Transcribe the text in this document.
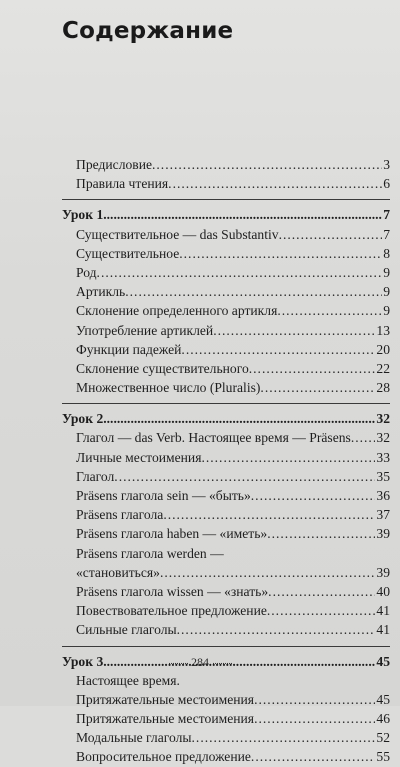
Содержание
Предисловие . . .	3
Правила чтения . . .	6
Урок 1 .....	7
Существительное — das Substantiv . . .	7
Существительное . . .	8
Род . . .	9
Артикль . . .	9
Склонение определенного артикля . . .	9
Употребление артиклей . . .	13
Функции падежей . . .	20
Склонение существительного . . .	22
Множественное число (Pluralis) . . .	28
Урок 2 .....	32
Глагол — das Verb. Настоящее время — Präsens . . . 32
Личные местоимения . . .	33
Глагол . . .	35
Präsens глагола sein — «быть» . . .	36
Präsens глагола . . .	37
Präsens глагола haben — «иметь» . . .	39
Präsens глагола werden —
«становиться» . . .	39
Präsens глагола wissen — «знать» . . .	40
Повествовательное предложение . . .	41
Сильные глаголы . . .	41
Урок 3 .....	45
Настоящее время.
Притяжательные местоимения . . .	45
Притяжательные местоимения . . .	46
Модальные глаголы . . .	52
Вопросительное предложение . . .	55
·········· 284 ··········
